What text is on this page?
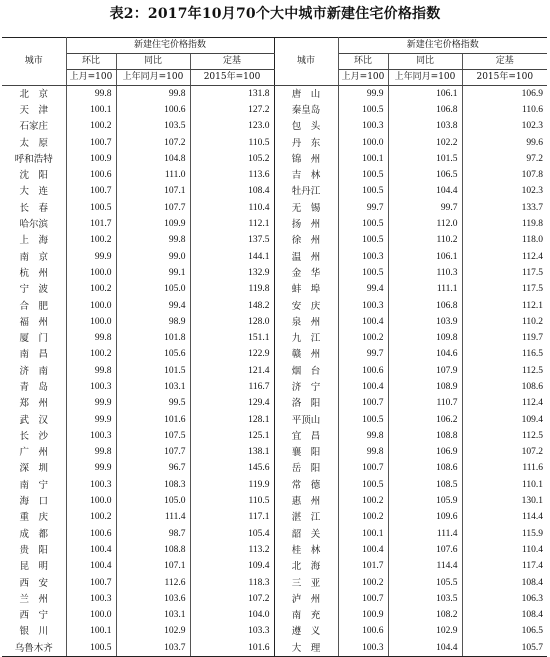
表2：2017年10月70个大中城市新建住宅价格指数
城市	新建住宅价格指数			城市	新建住宅价格指数		
	环比	同比	定基		环比	同比	定基
	上月=100	上年同月=100	2015年=100		上月=100	上年同月=100	2015年=100
北　京	99.8	99.8	131.8	唐　山	99.9	106.1	106.9
天　津	100.1	100.6	127.2	秦皇岛	100.5	106.8	110.6
石家庄	100.2	103.5	123.0	包　头	100.3	103.8	102.3
太　原	100.7	107.2	110.5	丹　东	100.0	102.2	99.6
呼和浩特	100.9	104.8	105.2	锦　州	100.1	101.5	97.2
沈　阳	100.6	111.0	113.6	吉　林	100.5	106.5	107.8
大　连	100.7	107.1	108.4	牡丹江	100.5	104.4	102.3
长　春	100.5	107.7	110.4	无　锡	99.7	99.7	133.7
哈尔滨	101.7	109.9	112.1	扬　州	100.5	112.0	119.8
上　海	100.2	99.8	137.5	徐　州	100.5	110.2	118.0
南　京	99.9	99.0	144.1	温　州	100.3	106.1	112.4
杭　州	100.0	99.1	132.9	金　华	100.5	110.3	117.5
宁　波	100.2	105.0	119.8	蚌　埠	99.4	111.1	117.5
合　肥	100.0	99.4	148.2	安　庆	100.3	106.8	112.1
福　州	100.0	98.9	128.0	泉　州	100.4	103.9	110.2
厦　门	99.8	101.8	151.1	九　江	100.2	109.8	119.7
南　昌	100.2	105.6	122.9	赣　州	99.7	104.6	116.5
济　南	99.8	101.5	121.4	烟　台	100.6	107.9	112.5
青　岛	100.3	103.1	116.7	济　宁	100.4	108.9	108.6
郑　州	99.9	99.5	129.4	洛　阳	100.7	110.7	112.4
武　汉	99.9	101.6	128.1	平顶山	100.5	106.2	109.4
长　沙	100.3	107.5	125.1	宜　昌	99.8	108.8	112.5
广　州	99.8	107.7	138.1	襄　阳	99.8	106.9	107.2
深　圳	99.9	96.7	145.6	岳　阳	100.7	108.6	111.6
南　宁	100.3	108.3	119.9	常　德	100.5	108.5	110.1
海　口	100.0	105.0	110.5	惠　州	100.2	105.9	130.1
重　庆	100.2	111.4	117.1	湛　江	100.2	109.6	114.4
成　都	100.6	98.7	105.4	韶　关	100.1	111.4	115.9
贵　阳	100.4	108.8	113.2	桂　林	100.4	107.6	110.4
昆　明	100.4	107.1	109.4	北　海	101.7	114.4	117.4
西　安	100.7	112.6	118.3	三　亚	100.2	105.5	108.4
兰　州	100.3	103.6	107.2	泸　州	100.7	103.5	106.3
西　宁	100.0	103.1	104.0	南　充	100.9	108.2	108.4
银　川	100.1	102.9	103.3	遵　义	100.6	102.9	106.5
乌鲁木齐	100.5	103.7	101.6	大　理	100.3	104.4	105.7
